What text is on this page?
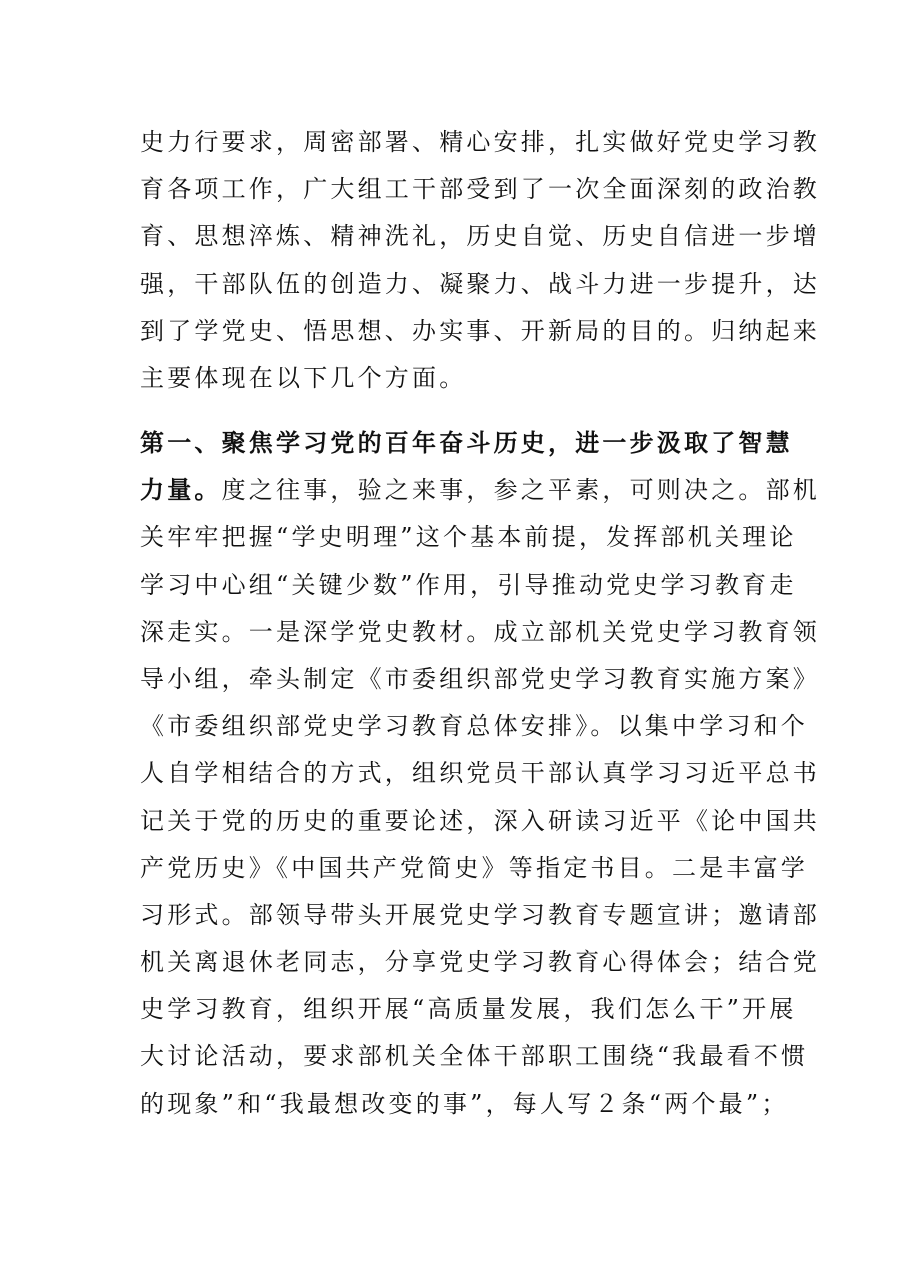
史力行要求，周密部署、精心安排，扎实做好党史学习教
育各项工作，广大组工干部受到了一次全面深刻的政治教
育、思想淬炼、精神洗礼，历史自觉、历史自信进一步增
强，干部队伍的创造力、凝聚力、战斗力进一步提升，达
到了学党史、悟思想、办实事、开新局的目的。归纳起来
主要体现在以下几个方面。
第一、聚焦学习党的百年奋斗历史，进一步汲取了智慧
力量。度之往事，验之来事，参之平素，可则决之。部机
关牢牢把握“学史明理”这个基本前提，发挥部机关理论
学习中心组“关键少数”作用，引导推动党史学习教育走
深走实。一是深学党史教材。成立部机关党史学习教育领
导小组，牵头制定《市委组织部党史学习教育实施方案》
《市委组织部党史学习教育总体安排》。以集中学习和个
人自学相结合的方式，组织党员干部认真学习习近平总书
记关于党的历史的重要论述，深入研读习近平《论中国共
产党历史》《中国共产党简史》等指定书目。二是丰富学
习形式。部领导带头开展党史学习教育专题宣讲；邀请部
机关离退休老同志，分享党史学习教育心得体会；结合党
史学习教育，组织开展“高质量发展，我们怎么干”开展
大讨论活动，要求部机关全体干部职工围绕“我最看不惯
的现象”和“我最想改变的事”，每人写２条“两个最”；
